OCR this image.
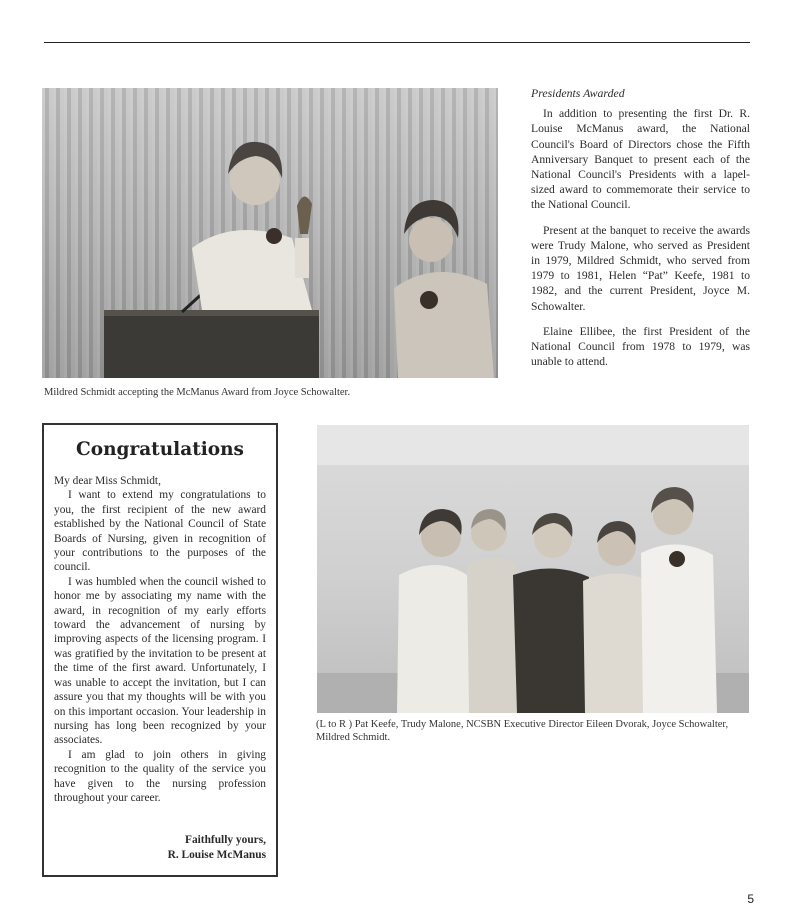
Mildred Schmidt accepting the McManus Award from Joyce Schowalter.
Presidents Awarded

In addition to presenting the first Dr. R. Louise McManus award, the National Council's Board of Directors chose the Fifth Anniversary Banquet to present each of the National Council's Presidents with a lapel-sized award to commemorate their service to the National Council.

Present at the banquet to receive the awards were Trudy Malone, who served as President in 1979, Mildred Schmidt, who served from 1979 to 1981, Helen “Pat” Keefe, 1981 to 1982, and the current President, Joyce M. Schowalter.

Elaine Ellibee, the first President of the National Council from 1978 to 1979, was unable to attend.

Congratulations

My dear Miss Schmidt,

I want to extend my congratulations to you, the first recipient of the new award established by the National Council of State Boards of Nursing, given in recognition of your contributions to the purposes of the council.

I was humbled when the council wished to honor me by associating my name with the award, in recognition of my early efforts toward the advancement of nursing by improving aspects of the licensing program. I was gratified by the invitation to be present at the time of the first award. Unfortunately, I was unable to accept the invitation, but I can assure you that my thoughts will be with you on this important occasion. Your leadership in nursing has long been recognized by your associates.

I am glad to join others in giving recognition to the quality of the service you have given to the nursing profession throughout your career.

Faithfully yours,
R. Louise McManus
(L to R ) Pat Keefe, Trudy Malone, NCSBN Executive Director Eileen Dvorak, Joyce Schowalter, Mildred Schmidt.
5
